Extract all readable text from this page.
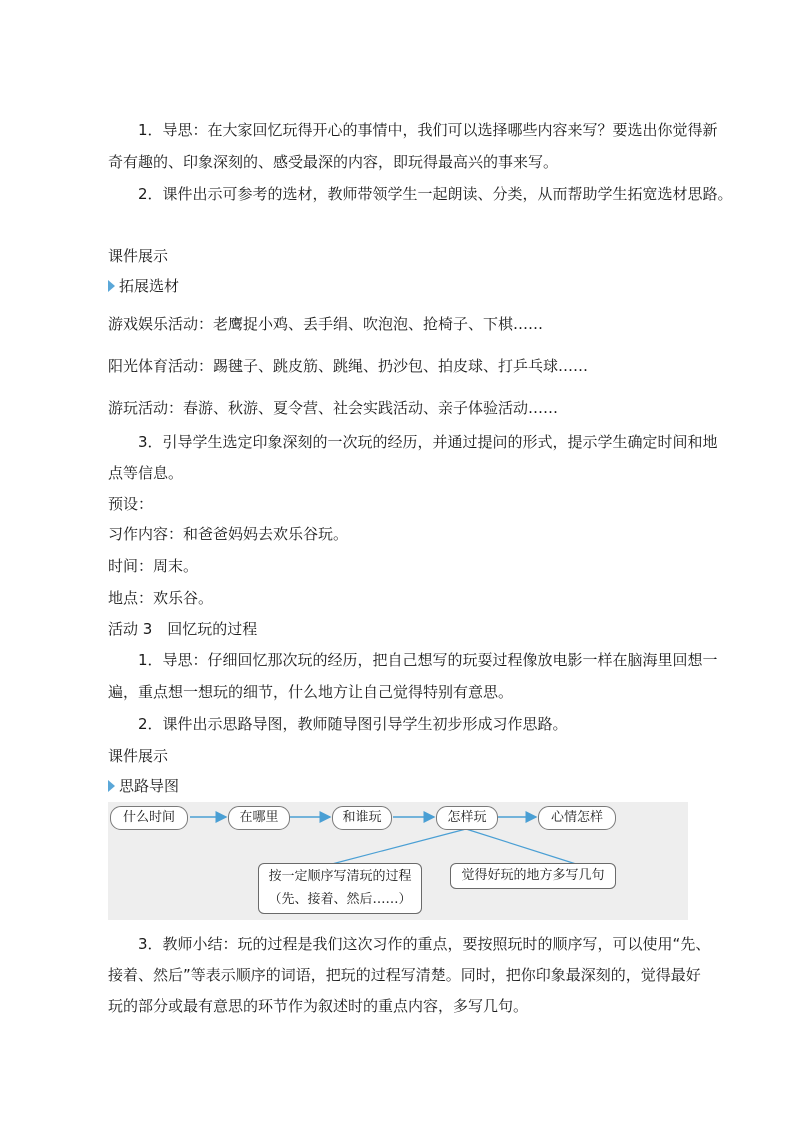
1．导思：在大家回忆玩得开心的事情中，我们可以选择哪些内容来写？要选出你觉得新

奇有趣的、印象深刻的、感受最深的内容，即玩得最高兴的事来写。

2．课件出示可参考的选材，教师带领学生一起朗读、分类，从而帮助学生拓宽选材思路。

课件展示

拓展选材

游戏娱乐活动：老鹰捉小鸡、丢手绢、吹泡泡、抢椅子、下棋……

阳光体育活动：踢毽子、跳皮筋、跳绳、扔沙包、拍皮球、打乒乓球……

游玩活动：春游、秋游、夏令营、社会实践活动、亲子体验活动……

3．引导学生选定印象深刻的一次玩的经历，并通过提问的形式，提示学生确定时间和地

点等信息。

预设：

习作内容：和爸爸妈妈去欢乐谷玩。

时间：周末。

地点：欢乐谷。

活动 3　回忆玩的过程

1．导思：仔细回忆那次玩的经历，把自己想写的玩耍过程像放电影一样在脑海里回想一

遍，重点想一想玩的细节，什么地方让自己觉得特别有意思。

2．课件出示思路导图，教师随导图引导学生初步形成习作思路。

课件展示

思路导图

什么时间	在哪里	和谁玩	怎样玩	心情怎样
按一定顺序写清玩的过程
（先、接着、然后……）
觉得好玩的地方多写几句

3．教师小结：玩的过程是我们这次习作的重点，要按照玩时的顺序写，可以使用“先、

接着、然后”等表示顺序的词语，把玩的过程写清楚。同时，把你印象最深刻的，觉得最好

玩的部分或最有意思的环节作为叙述时的重点内容，多写几句。
